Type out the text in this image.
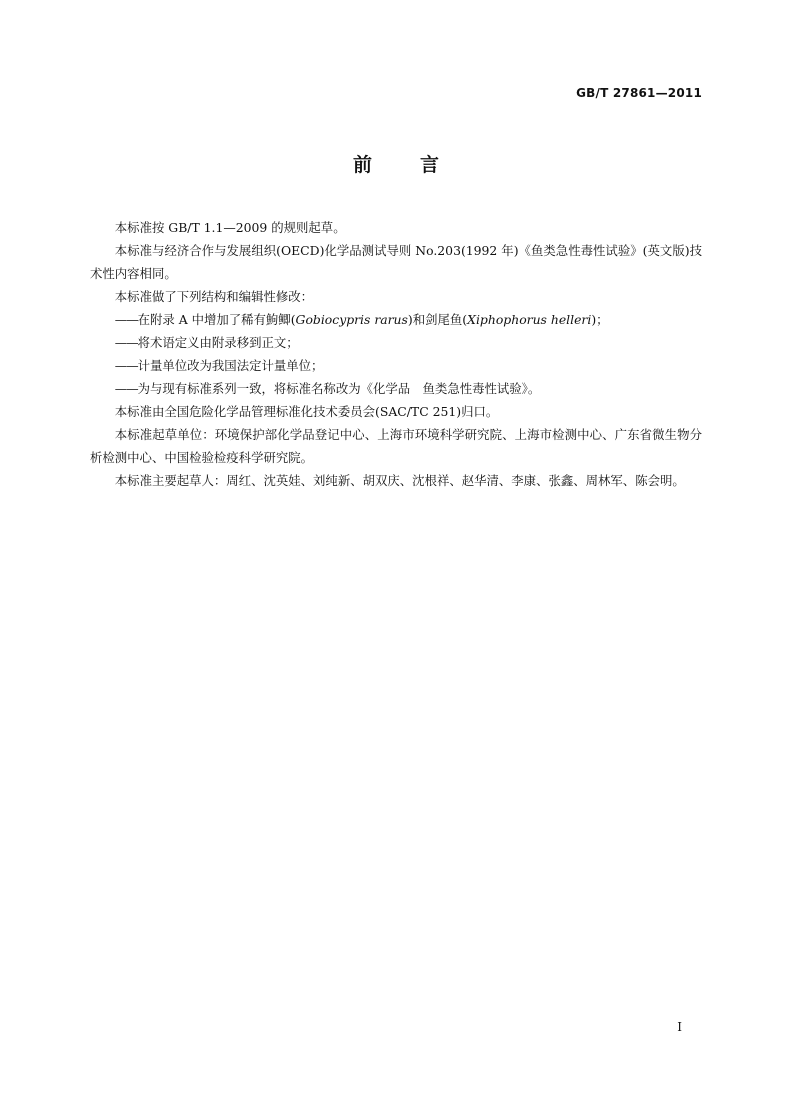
GB/T 27861—2011
前	言

本标准按 GB/T 1.1—2009 的规则起草。

本标准与经济合作与发展组织(OECD)化学品测试导则 No.203(1992 年)《鱼类急性毒性试验》(英文版)技术性内容相同。

本标准做了下列结构和编辑性修改：

——在附录 A 中增加了稀有鮈鲫(Gobiocypris rarus)和剑尾鱼(Xiphophorus helleri)；

——将术语定义由附录移到正文；

——计量单位改为我国法定计量单位；

——为与现有标准系列一致，将标准名称改为《化学品　鱼类急性毒性试验》。

本标准由全国危险化学品管理标准化技术委员会(SAC/TC 251)归口。

本标准起草单位：环境保护部化学品登记中心、上海市环境科学研究院、上海市检测中心、广东省微生物分析检测中心、中国检验检疫科学研究院。

本标准主要起草人：周红、沈英娃、刘纯新、胡双庆、沈根祥、赵华清、李康、张鑫、周林军、陈会明。

I
